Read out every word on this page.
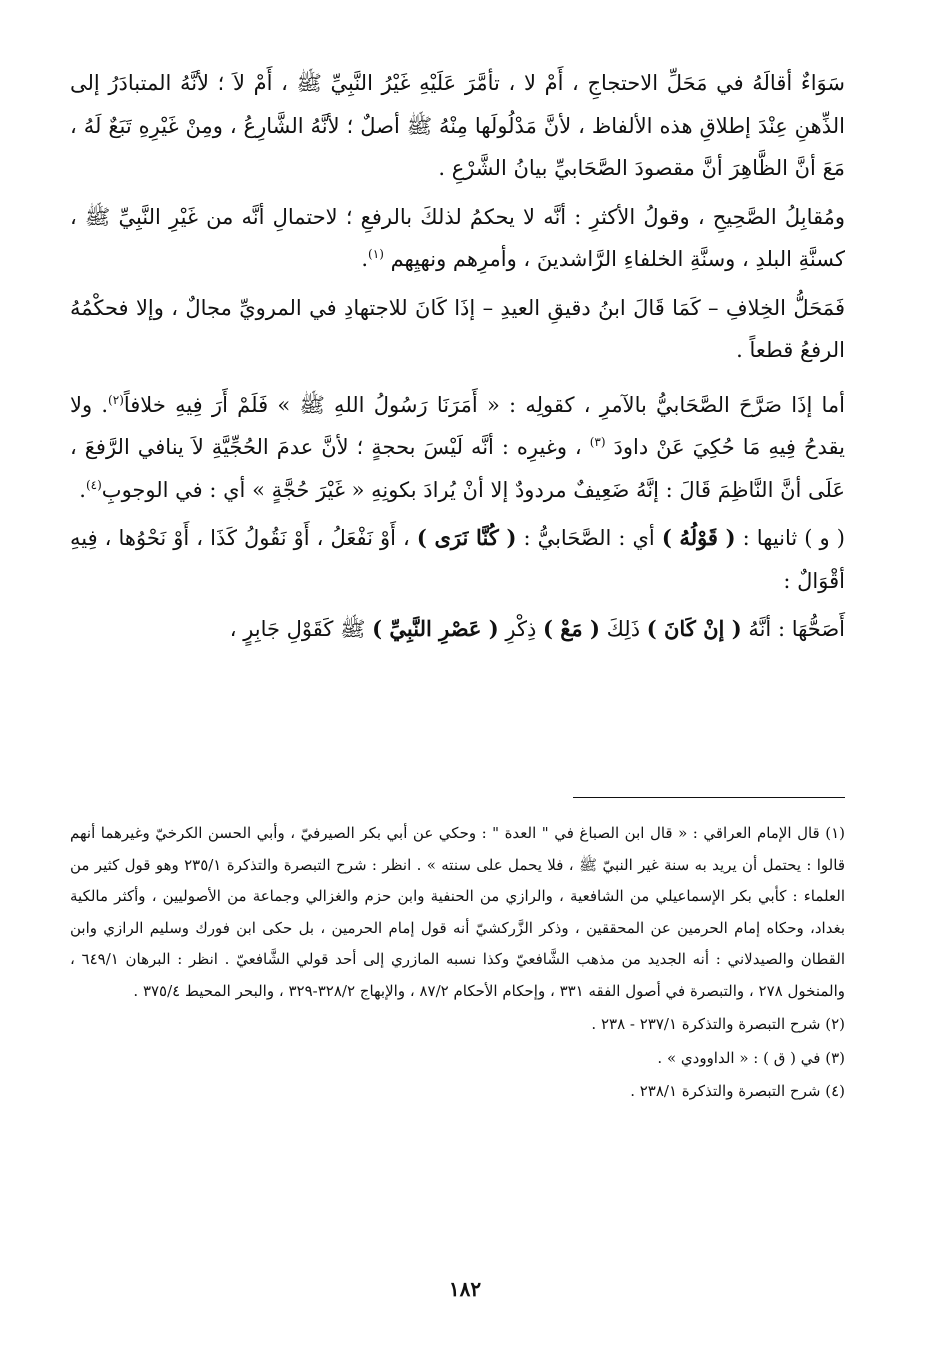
سَوَاءٌ أقالَهُ في مَحَلِّ الاحتجاجِ ، أَمْ لا ، تأمَّرَ عَلَيْهِ غَيْرُ النَّبِيِّ ﷺ ، أَمْ لاَ ؛ لأنَّهُ المتبادَرُ إلى الذِّهنِ عِنْدَ إطلاقِ هذه الألفاظ ، لأنَّ مَدْلُولَها مِنْهُ ﷺ أصلٌ ؛ لأنَّهُ الشَّارِعُ ، ومِنْ غَيْرِهِ تَبَعٌ لَهُ ، مَعَ أنَّ الظَّاهِرَ أنَّ مقصودَ الصَّحَابيِّ بيانُ الشَّرْعِ .

ومُقابِلُ الصَّحِيحِ ، وقولُ الأكثرِ : أنَّه لا يحكمُ لذلكَ بالرفعِ ؛ لاحتمالِ أنَّه من غَيْرِ النَّبِيِّ ﷺ ، كسنَّةِ البلدِ ، وسنَّةِ الخلفاءِ الرَّاشدينَ ، وأمرِهم ونهيِهم $^{(١)}$.

فَمَحَلُّ الخِلافِ – كَمَا قَالَ ابنُ دقيقِ العيدِ – إذَا كَانَ للاجتهادِ في المرويِّ مجالٌ ، وإلا فحكْمُهُ الرفعُ قطعاً .

أما إذَا صَرَّحَ الصَّحَابيُّ بالآمرِ ، كقولِه : « أَمَرَنَا رَسُولُ اللهِ ﷺ » فَلَمْ أَرَ فِيهِ خلافاً$^{(٢)}$. ولا يقدحُ فِيهِ مَا حُكِيَ عَنْ داودَ $^{(٣)}$ ، وغيرِه : أنَّه لَيْسَ بحجةٍ ؛ لأنَّ عدمَ الحُجِّيَّةِ لاَ ينافي الرَّفعَ ، عَلَى أنَّ النَّاظِمَ قَالَ : إنَّهُ ضَعِيفٌ مردودٌ إلا أنْ يُرادَ بكونِهِ « غَيْرَ حُجَّةٍ » أي : في الوجوبِ$^{(٤)}$.

( و ) ثانيها : ( قَوْلُهُ ) أي : الصَّحَابيُّ : ( كُنَّا نَرَى ) ، أَوْ نَفْعَلُ ، أَوْ نَقُولُ كَذَا ، أَوْ نَحْوُها ، فِيهِ أقْوَالٌ :

أَصَحُّهَا : أنَّهُ ( إنْ كَانَ ) ذَلِكَ ( مَعْ ) ذِكْرِ ( عَصْرِ النَّبِيِّ ) ﷺ كَقَوْلِ جَابِرٍ ،

(١) قال الإمام العراقي : « قال ابن الصباغ في " العدة " : وحكي عن أبي بكر الصيرفيّ ، وأبي الحسن الكرخيّ وغيرهما أنهم قالوا : يحتمل أن يريد به سنة غير النبيّ ﷺ ، فلا يحمل على سنته » . انظر : شرح التبصرة والتذكرة ٢٣٥/١ وهو قول كثير من العلماء : كأبي بكر الإسماعيلي من الشافعية ، والرازي من الحنفية وابن حزم والغزالي وجماعة من الأصوليين ، وأكثر مالكية بغداد، وحكاه إمام الحرمين عن المحققين ، وذكر الزَّركشيّ أنه قول إمام الحرمين ، بل حكى ابن فورك وسليم الرازي وابن القطان والصيدلاني : أنه الجديد من مذهب الشَّافعيّ وكذا نسبه المازري إلى أحد قولي الشَّافعيّ . انظر : البرهان ٦٤٩/١ ، والمنخول ٢٧٨ ، والتبصرة في أصول الفقه ٣٣١ ، وإحكام الأحكام ٨٧/٢ ، والإبهاج ٣٢٨/٢-٣٢٩ ، والبحر المحيط ٣٧٥/٤ .

(٢) شرح التبصرة والتذكرة ٢٣٧/١ - ٢٣٨ .

(٣) في ( ق ) : « الداوودي » .

(٤) شرح التبصرة والتذكرة ٢٣٨/١ .

١٨٢
